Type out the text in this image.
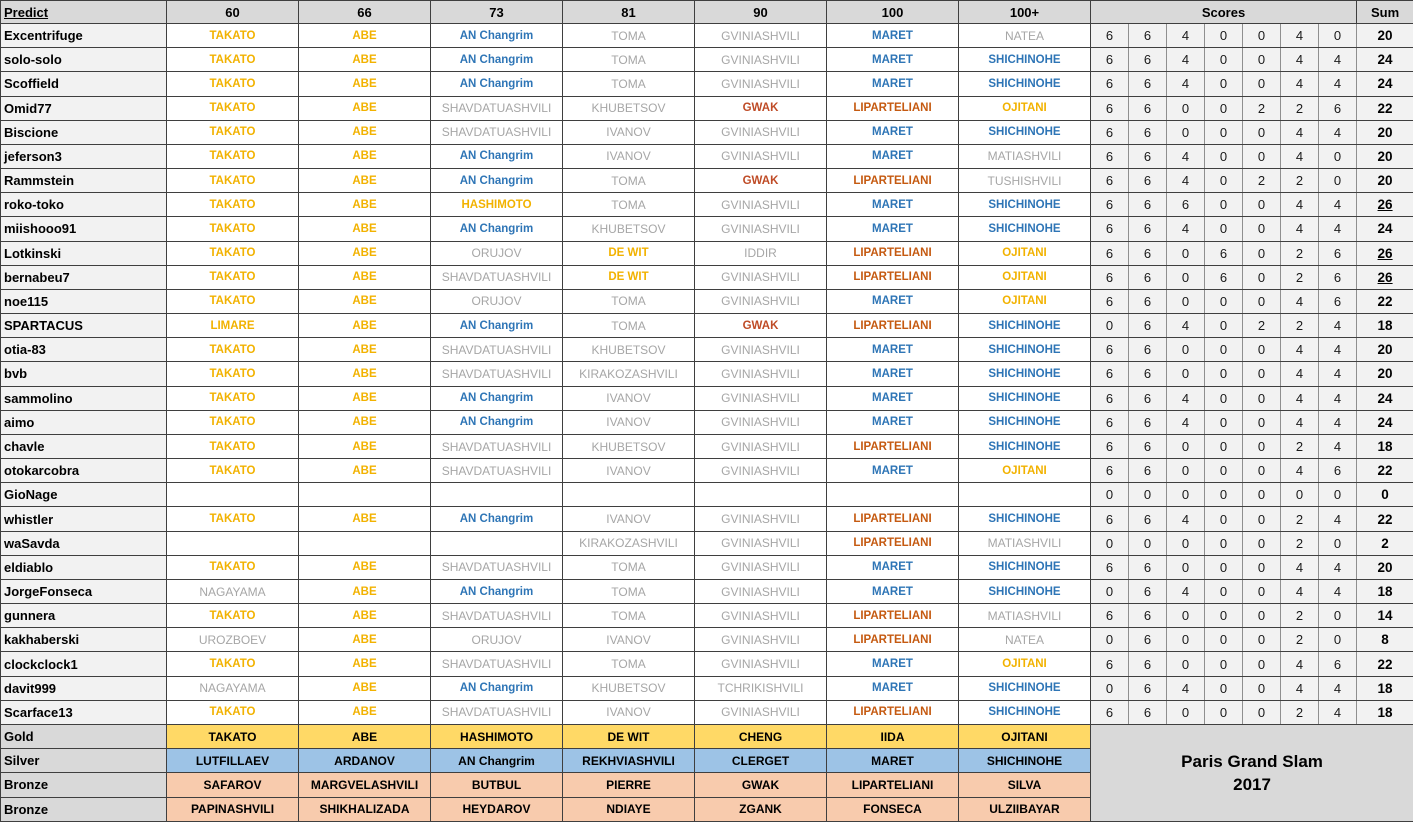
Predict	60	66	73	81	90	100	100+	Scores							Sum
Excentrifuge	TAKATO	ABE	AN Changrim	TOMA	GVINIASHVILI	MARET	NATEA	6	6	4	0	0	4	0	20
solo-solo	TAKATO	ABE	AN Changrim	TOMA	GVINIASHVILI	MARET	SHICHINOHE	6	6	4	0	0	4	4	24
Scoffield	TAKATO	ABE	AN Changrim	TOMA	GVINIASHVILI	MARET	SHICHINOHE	6	6	4	0	0	4	4	24
Omid77	TAKATO	ABE	SHAVDATUASHVILI	KHUBETSOV	GWAK	LIPARTELIANI	OJITANI	6	6	0	0	2	2	6	22
Biscione	TAKATO	ABE	SHAVDATUASHVILI	IVANOV	GVINIASHVILI	MARET	SHICHINOHE	6	6	0	0	0	4	4	20
jeferson3	TAKATO	ABE	AN Changrim	IVANOV	GVINIASHVILI	MARET	MATIASHVILI	6	6	4	0	0	4	0	20
Rammstein	TAKATO	ABE	AN Changrim	TOMA	GWAK	LIPARTELIANI	TUSHISHVILI	6	6	4	0	2	2	0	20
roko-toko	TAKATO	ABE	HASHIMOTO	TOMA	GVINIASHVILI	MARET	SHICHINOHE	6	6	6	0	0	4	4	26
miishooo91	TAKATO	ABE	AN Changrim	KHUBETSOV	GVINIASHVILI	MARET	SHICHINOHE	6	6	4	0	0	4	4	24
Lotkinski	TAKATO	ABE	ORUJOV	DE WIT	IDDIR	LIPARTELIANI	OJITANI	6	6	0	6	0	2	6	26
bernabeu7	TAKATO	ABE	SHAVDATUASHVILI	DE WIT	GVINIASHVILI	LIPARTELIANI	OJITANI	6	6	0	6	0	2	6	26
noe115	TAKATO	ABE	ORUJOV	TOMA	GVINIASHVILI	MARET	OJITANI	6	6	0	0	0	4	6	22
SPARTACUS	LIMARE	ABE	AN Changrim	TOMA	GWAK	LIPARTELIANI	SHICHINOHE	0	6	4	0	2	2	4	18
otia-83	TAKATO	ABE	SHAVDATUASHVILI	KHUBETSOV	GVINIASHVILI	MARET	SHICHINOHE	6	6	0	0	0	4	4	20
bvb	TAKATO	ABE	SHAVDATUASHVILI	KIRAKOZASHVILI	GVINIASHVILI	MARET	SHICHINOHE	6	6	0	0	0	4	4	20
sammolino	TAKATO	ABE	AN Changrim	IVANOV	GVINIASHVILI	MARET	SHICHINOHE	6	6	4	0	0	4	4	24
aimo	TAKATO	ABE	AN Changrim	IVANOV	GVINIASHVILI	MARET	SHICHINOHE	6	6	4	0	0	4	4	24
chavle	TAKATO	ABE	SHAVDATUASHVILI	KHUBETSOV	GVINIASHVILI	LIPARTELIANI	SHICHINOHE	6	6	0	0	0	2	4	18
otokarcobra	TAKATO	ABE	SHAVDATUASHVILI	IVANOV	GVINIASHVILI	MARET	OJITANI	6	6	0	0	0	4	6	22
GioNage								0	0	0	0	0	0	0	0
whistler	TAKATO	ABE	AN Changrim	IVANOV	GVINIASHVILI	LIPARTELIANI	SHICHINOHE	6	6	4	0	0	2	4	22
waSavda				KIRAKOZASHVILI	GVINIASHVILI	LIPARTELIANI	MATIASHVILI	0	0	0	0	0	2	0	2
eldiablo	TAKATO	ABE	SHAVDATUASHVILI	TOMA	GVINIASHVILI	MARET	SHICHINOHE	6	6	0	0	0	4	4	20
JorgeFonseca	NAGAYAMA	ABE	AN Changrim	TOMA	GVINIASHVILI	MARET	SHICHINOHE	0	6	4	0	0	4	4	18
gunnera	TAKATO	ABE	SHAVDATUASHVILI	TOMA	GVINIASHVILI	LIPARTELIANI	MATIASHVILI	6	6	0	0	0	2	0	14
kakhaberski	UROZBOEV	ABE	ORUJOV	IVANOV	GVINIASHVILI	LIPARTELIANI	NATEA	0	6	0	0	0	2	0	8
clockclock1	TAKATO	ABE	SHAVDATUASHVILI	TOMA	GVINIASHVILI	MARET	OJITANI	6	6	0	0	0	4	6	22
davit999	NAGAYAMA	ABE	AN Changrim	KHUBETSOV	TCHRIKISHVILI	MARET	SHICHINOHE	0	6	4	0	0	4	4	18
Scarface13	TAKATO	ABE	SHAVDATUASHVILI	IVANOV	GVINIASHVILI	LIPARTELIANI	SHICHINOHE	6	6	0	0	0	2	4	18
Gold	TAKATO	ABE	HASHIMOTO	DE WIT	CHENG	IIDA	OJITANI	Paris Grand Slam
2017							

Silver	LUTFILLAEV	ARDANOV	AN Changrim	REKHVIASHVILI	CLERGET	MARET	SHICHINOHE								
Bronze	SAFAROV	MARGVELASHVILI	BUTBUL	PIERRE	GWAK	LIPARTELIANI	SILVA								
Bronze	PAPINASHVILI	SHIKHALIZADA	HEYDAROV	NDIAYE	ZGANK	FONSECA	ULZIIBAYAR								
